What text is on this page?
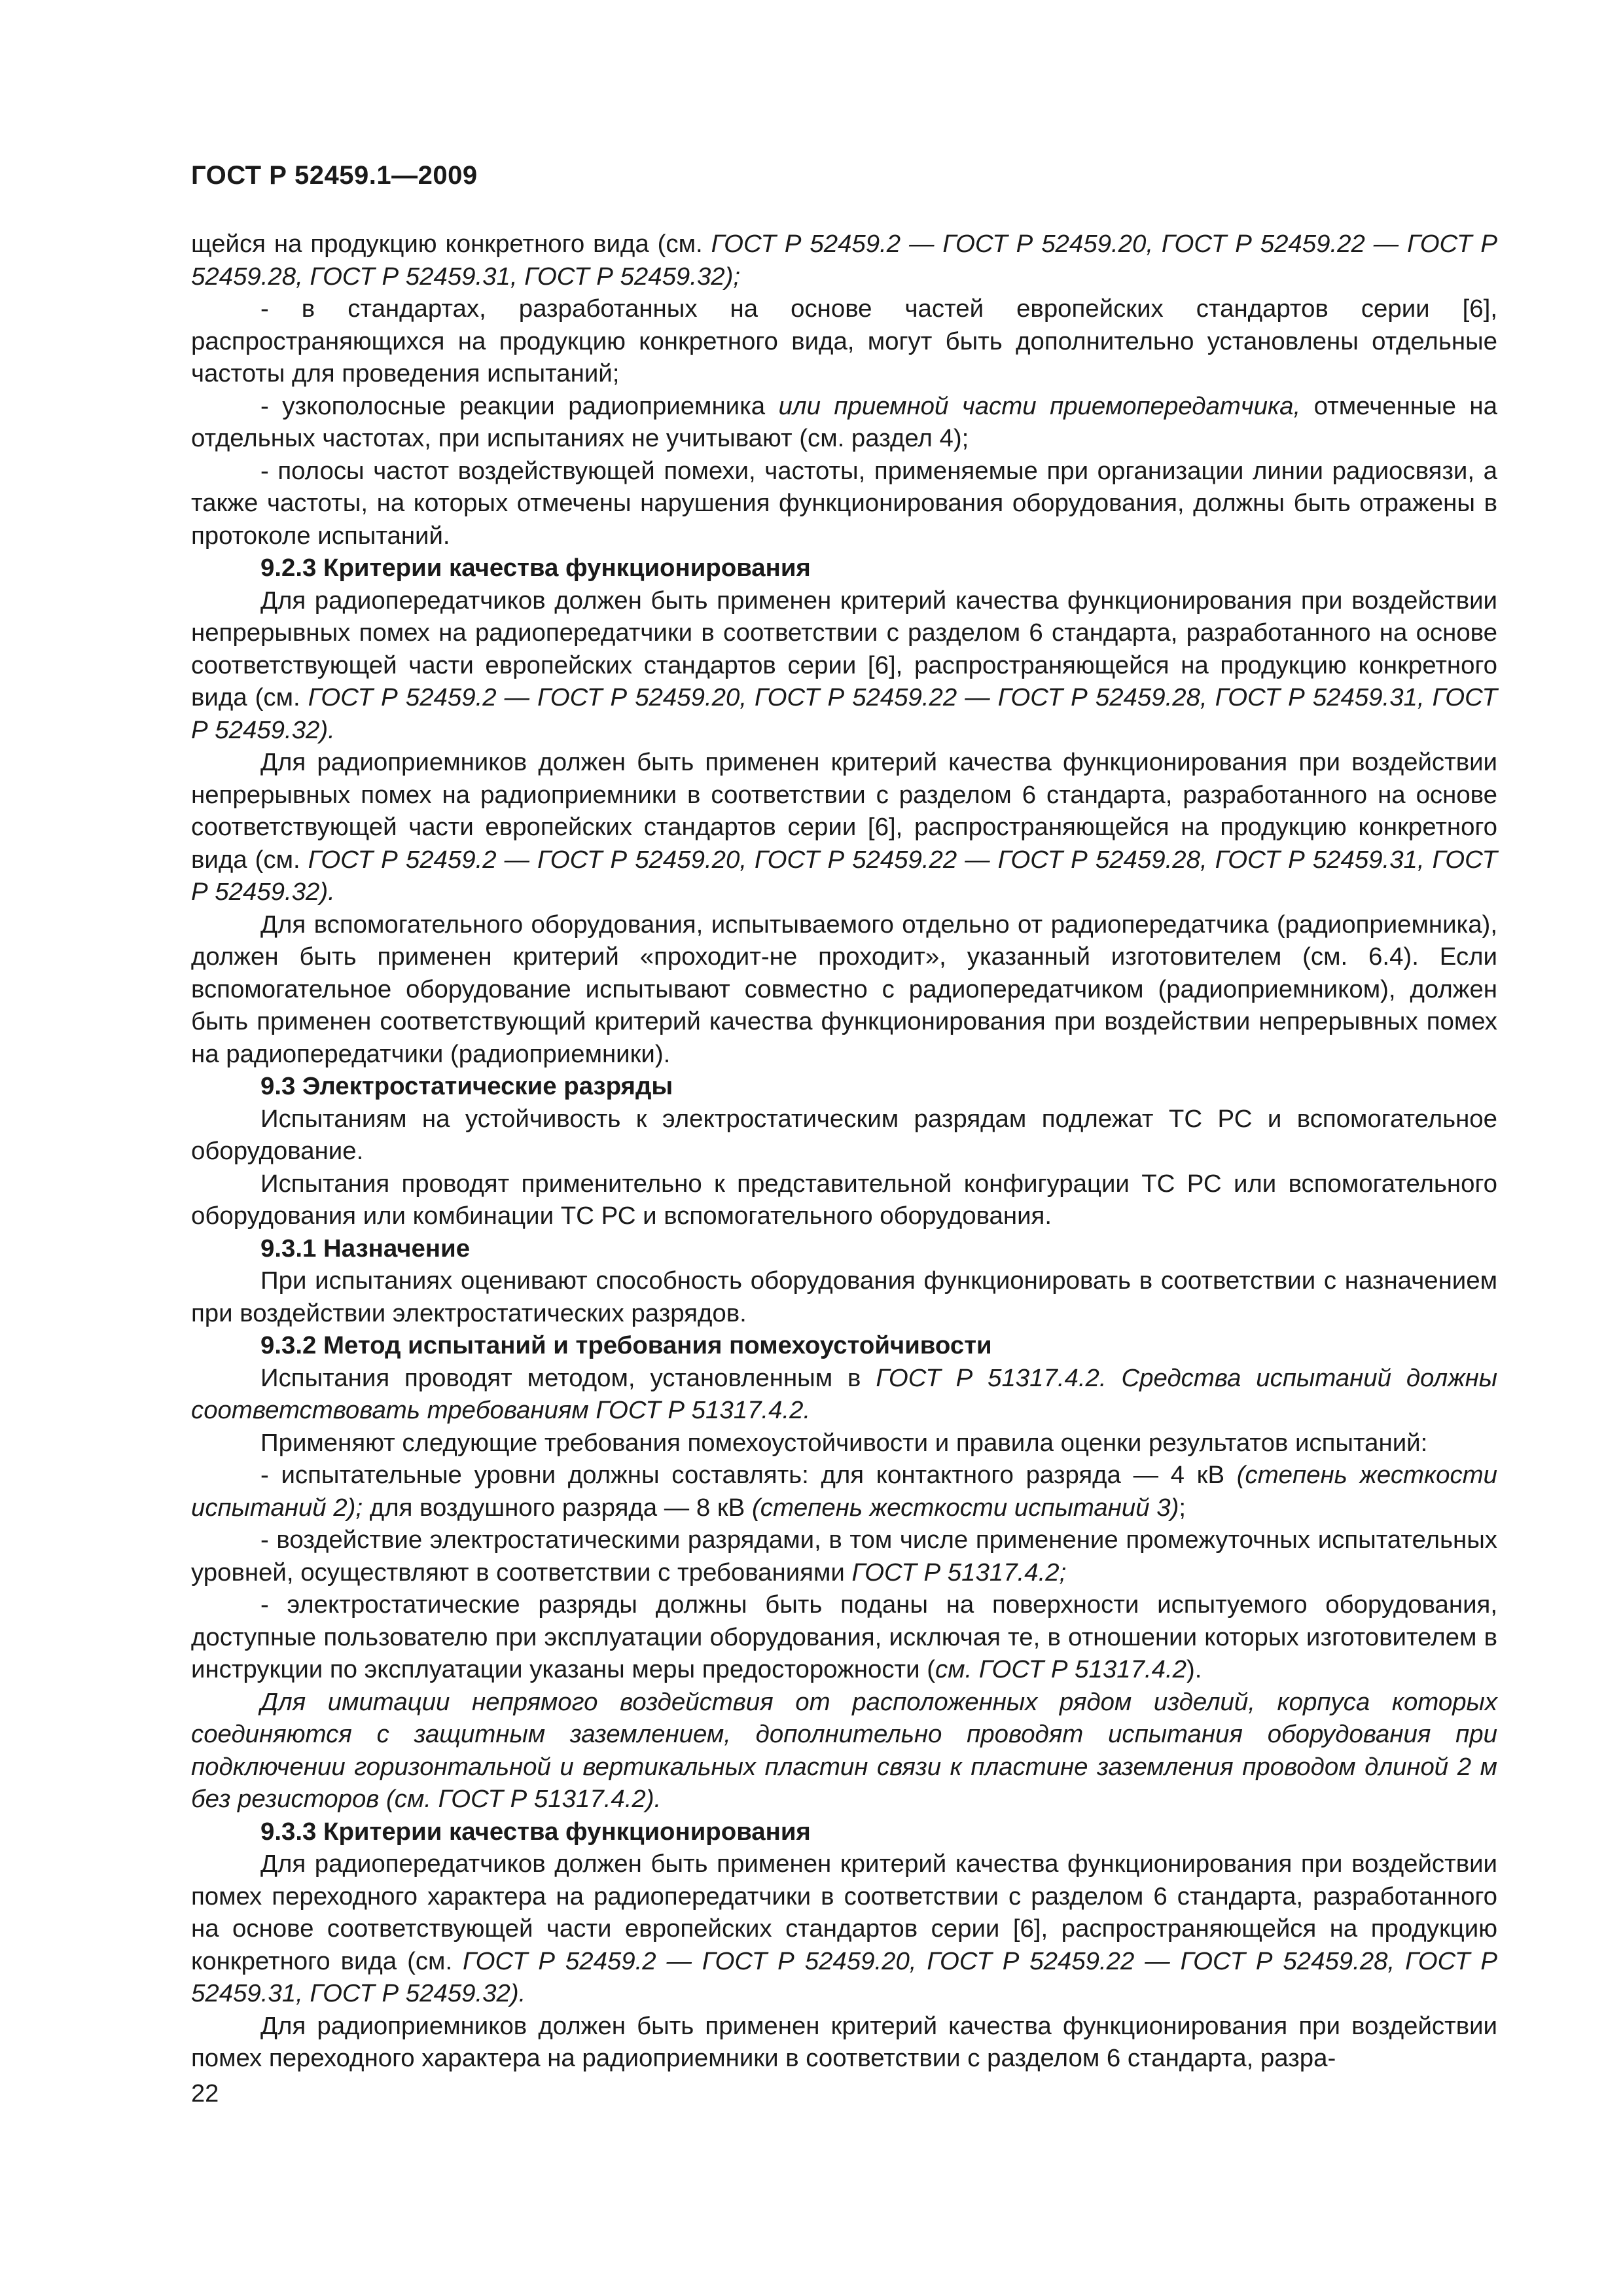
ГОСТ Р 52459.1—2009

щейся на продукцию конкретного вида (см. ГОСТ Р 52459.2 — ГОСТ Р 52459.20, ГОСТ Р 52459.22 — ГОСТ Р 52459.28, ГОСТ Р 52459.31, ГОСТ Р 52459.32);

- в стандартах, разработанных на основе частей европейских стандартов серии [6], распространяющихся на продукцию конкретного вида, могут быть дополнительно установлены отдельные частоты для проведения испытаний;

- узкополосные реакции радиоприемника или приемной части приемопередатчика, отмеченные на отдельных частотах, при испытаниях не учитывают (см. раздел 4);

- полосы частот воздействующей помехи, частоты, применяемые при организации линии радиосвязи, а также частоты, на которых отмечены нарушения функционирования оборудования, должны быть отражены в протоколе испытаний.

9.2.3 Критерии качества функционирования

Для радиопередатчиков должен быть применен критерий качества функционирования при воздействии непрерывных помех на радиопередатчики в соответствии с разделом 6 стандарта, разработанного на основе соответствующей части европейских стандартов серии [6], распространяющейся на продукцию конкретного вида (см. ГОСТ Р 52459.2 — ГОСТ Р 52459.20, ГОСТ Р 52459.22 — ГОСТ Р 52459.28, ГОСТ Р 52459.31, ГОСТ Р 52459.32).

Для радиоприемников должен быть применен критерий качества функционирования при воздействии непрерывных помех на радиоприемники в соответствии с разделом 6 стандарта, разработанного на основе соответствующей части европейских стандартов серии [6], распространяющейся на продукцию конкретного вида (см. ГОСТ Р 52459.2 — ГОСТ Р 52459.20, ГОСТ Р 52459.22 — ГОСТ Р 52459.28, ГОСТ Р 52459.31, ГОСТ Р 52459.32).

Для вспомогательного оборудования, испытываемого отдельно от радиопередатчика (радиоприемника), должен быть применен критерий «проходит-не проходит», указанный изготовителем (см. 6.4). Если вспомогательное оборудование испытывают совместно с радиопередатчиком (радиоприемником), должен быть применен соответствующий критерий качества функционирования при воздействии непрерывных помех на радиопередатчики (радиоприемники).

9.3 Электростатические разряды

Испытаниям на устойчивость к электростатическим разрядам подлежат ТС РС и вспомогательное оборудование.

Испытания проводят применительно к представительной конфигурации ТС РС или вспомогательного оборудования или комбинации ТС РС и вспомогательного оборудования.

9.3.1 Назначение

При испытаниях оценивают способность оборудования функционировать в соответствии с назначением при воздействии электростатических разрядов.

9.3.2 Метод испытаний и требования помехоустойчивости

Испытания проводят методом, установленным в ГОСТ Р 51317.4.2. Средства испытаний должны соответствовать требованиям ГОСТ Р 51317.4.2.

Применяют следующие требования помехоустойчивости и правила оценки результатов испытаний:

- испытательные уровни должны составлять: для контактного разряда — 4 кВ (степень жесткости испытаний 2); для воздушного разряда — 8 кВ (степень жесткости испытаний 3);

- воздействие электростатическими разрядами, в том числе применение промежуточных испытательных уровней, осуществляют в соответствии с требованиями ГОСТ Р 51317.4.2;

- электростатические разряды должны быть поданы на поверхности испытуемого оборудования, доступные пользователю при эксплуатации оборудования, исключая те, в отношении которых изготовителем в инструкции по эксплуатации указаны меры предосторожности (см. ГОСТ Р 51317.4.2).

Для имитации непрямого воздействия от расположенных рядом изделий, корпуса которых соединяются с защитным заземлением, дополнительно проводят испытания оборудования при подключении горизонтальной и вертикальных пластин связи к пластине заземления проводом длиной 2 м без резисторов (см. ГОСТ Р 51317.4.2).

9.3.3 Критерии качества функционирования

Для радиопередатчиков должен быть применен критерий качества функционирования при воздействии помех переходного характера на радиопередатчики в соответствии с разделом 6 стандарта, разработанного на основе соответствующей части европейских стандартов серии [6], распространяющейся на продукцию конкретного вида (см. ГОСТ Р 52459.2 — ГОСТ Р 52459.20, ГОСТ Р 52459.22 — ГОСТ Р 52459.28, ГОСТ Р 52459.31, ГОСТ Р 52459.32).

Для радиоприемников должен быть применен критерий качества функционирования при воздействии помех переходного характера на радиоприемники в соответствии с разделом 6 стандарта, разра-

22
